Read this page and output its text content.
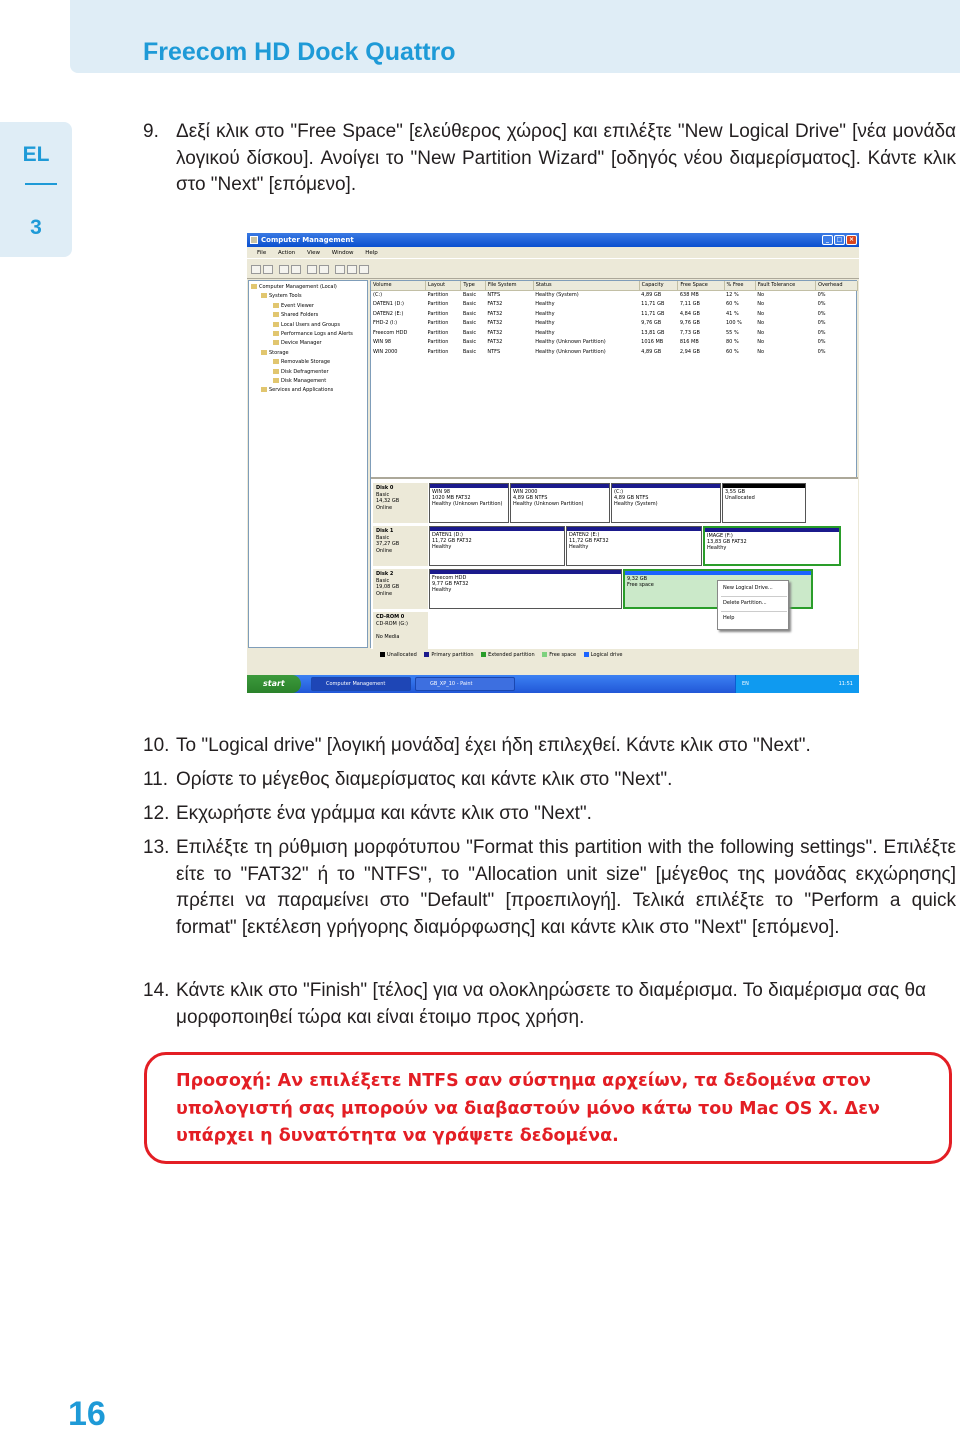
Freecom HD Dock Quattro
EL
3
9. Δεξί κλικ στο "Free Space" [ελεύθερος χώρος] και επιλέξτε "New Logical Drive" [νέα μονάδα λογικού δίσκου]. Ανοίγει το "New Partition Wizard" [οδηγός νέου διαμερίσματος]. Κάντε κλικ στο "Next" [επόμενο].
Computer Management	_	□	×
File Action View Window Help
Computer Management (Local)
System Tools
Event Viewer
Shared Folders
Local Users and Groups
Performance Logs and Alerts
Device Manager
Storage
Removable Storage
Disk Defragmenter
Disk Management
Services and Applications
Volume	Layout	Type	File System	Status	Capacity	Free Space	% Free	Fault Tolerance	Overhead
(C:)	Partition	Basic	NTFS	Healthy (System)	4,89 GB	638 MB	12 %	No	0%
DATEN1 (D:)	Partition	Basic	FAT32	Healthy	11,71 GB	7,11 GB	60 %	No	0%
DATEN2 (E:)	Partition	Basic	FAT32	Healthy	11,71 GB	4,84 GB	41 %	No	0%
FHD-2 (I:)	Partition	Basic	FAT32	Healthy	9,76 GB	9,76 GB	100 %	No	0%
Freecom HDD	Partition	Basic	FAT32	Healthy	13,81 GB	7,73 GB	55 %	No	0%
WIN 98	Partition	Basic	FAT32	Healthy (Unknown Partition)	1016 MB	816 MB	80 %	No	0%
WIN 2000	Partition	Basic	NTFS	Healthy (Unknown Partition)	4,89 GB	2,94 GB	60 %	No	0%
Disk 0
Basic
14,32 GB
Online
WIN 98
1020 MB FAT32
Healthy (Unknown Partition)
WIN 2000
4,89 GB NTFS
Healthy (Unknown Partition)
(C:)
4,89 GB NTFS
Healthy (System)
3,55 GB
Unallocated
Disk 1
Basic
37,27 GB
Online
DATEN1 (D:)
11,72 GB FAT32
Healthy
DATEN2 (E:)
11,72 GB FAT32
Healthy
IMAGE (F:)
13,83 GB FAT32
Healthy
Disk 2
Basic
19,08 GB
Online
Freecom HDD
9,77 GB FAT32
Healthy
9,32 GB
Free space
CD-ROM 0
CD-ROM (G:)

No Media
Unallocated	Primary partition	Extended partition	Free space	Logical drive
New Logical Drive...
Delete Partition...
Help
start	Computer Management	GB_XP_10 - Paint	EN	11:51
10. Το "Logical drive" [λογική μονάδα] έχει ήδη επιλεχθεί. Κάντε κλικ στο "Next".
11. Ορίστε το μέγεθος διαμερίσματος και κάντε κλικ στο "Next".
12. Εκχωρήστε ένα γράμμα και κάντε κλικ στο "Next".
13. Επιλέξτε τη ρύθμιση μορφότυπου "Format this partition with the following settings". Επιλέξτε είτε το "FAT32" ή το "NTFS", το "Allocation unit size" [μέγεθος της μονάδας εκχώρησης] πρέπει να παραμείνει στο "Default" [προεπιλογή]. Τελικά επιλέξτε το "Perform a quick format" [εκτέλεση γρήγορης διαμόρφωσης] και κάντε κλικ στο "Next" [επόμενο].
14. Κάντε κλικ στο "Finish" [τέλος] για να ολοκληρώσετε το διαμέρισμα. Το διαμέρισμα σας θα μορφοποιηθεί τώρα και είναι έτοιμο προς χρήση.
Προσοχή: Αν επιλέξετε NTFS σαν σύστημα αρχείων, τα δεδομένα στον υπολογιστή σας μπορούν να διαβαστούν μόνο κάτω του Mac OS X. Δεν υπάρχει η δυνατότητα να γράψετε δεδομένα.
16
